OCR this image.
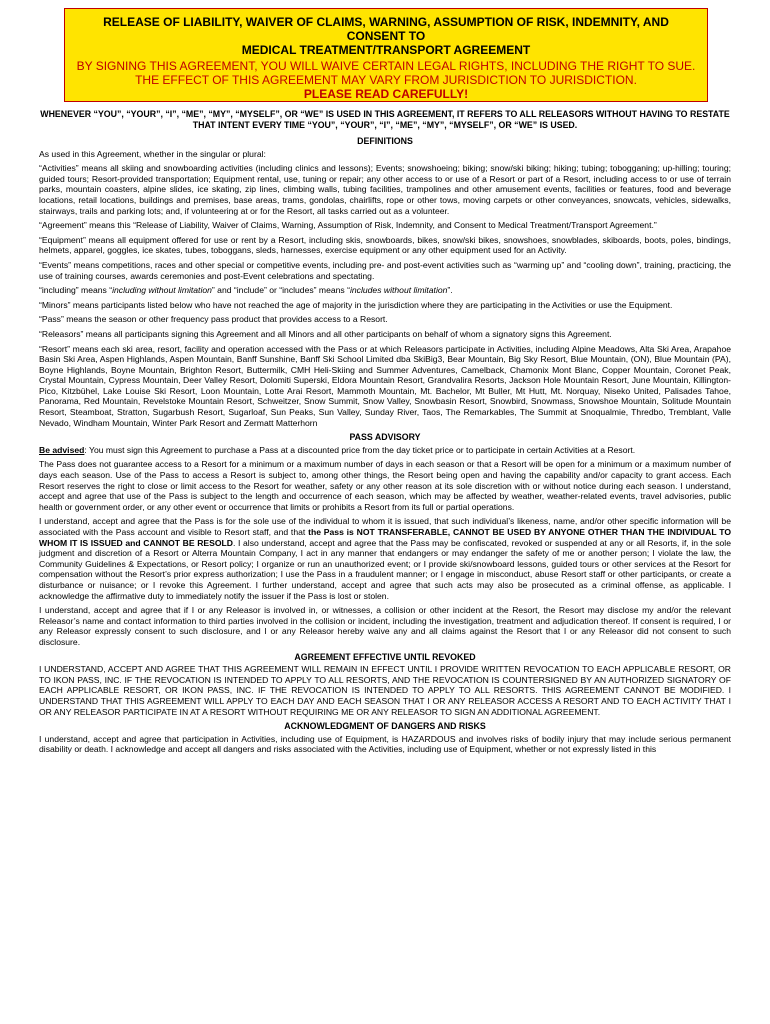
RELEASE OF LIABILITY, WAIVER OF CLAIMS, WARNING, ASSUMPTION OF RISK, INDEMNITY, AND CONSENT TO
MEDICAL TREATMENT/TRANSPORT AGREEMENT
BY SIGNING THIS AGREEMENT, YOU WILL WAIVE CERTAIN LEGAL RIGHTS, INCLUDING THE RIGHT TO SUE.
THE EFFECT OF THIS AGREEMENT MAY VARY FROM JURISDICTION TO JURISDICTION.
PLEASE READ CAREFULLY!
WHENEVER “YOU”, “YOUR”, “I”, “ME”, “MY”, “MYSELF”, OR “WE” IS USED IN THIS AGREEMENT, IT REFERS TO ALL RELEASORS WITHOUT HAVING TO RESTATE THAT INTENT EVERY TIME “YOU”, “YOUR”, “I”, “ME”, “MY”, “MYSELF”, OR “WE” IS USED.
DEFINITIONS

As used in this Agreement, whether in the singular or plural:

“Activities” means all skiing and snowboarding activities (including clinics and lessons); Events; snowshoeing; biking; snow/ski biking; hiking; tubing; tobogganing; up-hilling; touring; guided tours; Resort-provided transportation; Equipment rental, use, tuning or repair; any other access to or use of a Resort or part of a Resort, including access to or use of terrain parks, mountain coasters, alpine slides, ice skating, zip lines, climbing walls, tubing facilities, trampolines and other amusement events, facilities or features, food and beverage locations, retail locations, buildings and premises, base areas, trams, gondolas, chairlifts, rope or other tows, moving carpets or other conveyances, snowcats, vehicles, sidewalks, stairways, trails and parking lots; and, if volunteering at or for the Resort, all tasks carried out as a volunteer.

“Agreement” means this “Release of Liability, Waiver of Claims, Warning, Assumption of Risk, Indemnity, and Consent to Medical Treatment/Transport Agreement.”

“Equipment” means all equipment offered for use or rent by a Resort, including skis, snowboards, bikes, snow/ski bikes, snowshoes, snowblades, skiboards, boots, poles, bindings, helmets, apparel, goggles, ice skates, tubes, toboggans, sleds, harnesses, exercise equipment or any other equipment used for an Activity.

“Events” means competitions, races and other special or competitive events, including pre- and post-event activities such as “warming up” and “cooling down”, training, practicing, the use of training courses, awards ceremonies and post-Event celebrations and spectating.

“including” means “including without limitation” and “include” or “includes” means “includes without limitation”.

“Minors” means participants listed below who have not reached the age of majority in the jurisdiction where they are participating in the Activities or use the Equipment.

“Pass” means the season or other frequency pass product that provides access to a Resort.

“Releasors” means all participants signing this Agreement and all Minors and all other participants on behalf of whom a signatory signs this Agreement.

“Resort” means each ski area, resort, facility and operation accessed with the Pass or at which Releasors participate in Activities, including Alpine Meadows, Alta Ski Area, Arapahoe Basin Ski Area, Aspen Highlands, Aspen Mountain, Banff Sunshine, Banff Ski School Limited dba SkiBig3, Bear Mountain, Big Sky Resort, Blue Mountain, (ON), Blue Mountain (PA), Boyne Highlands, Boyne Mountain, Brighton Resort, Buttermilk, CMH Heli-Skiing and Summer Adventures, Camelback, Chamonix Mont Blanc, Copper Mountain, Coronet Peak, Crystal Mountain, Cypress Mountain, Deer Valley Resort, Dolomiti Superski, Eldora Mountain Resort, Grandvalira Resorts, Jackson Hole Mountain Resort, June Mountain, Killington-Pico, Kitzbühel, Lake Louise Ski Resort, Loon Mountain, Lotte Arai Resort, Mammoth Mountain, Mt. Bachelor, Mt Buller, Mt Hutt, Mt. Norquay, Niseko United, Palisades Tahoe, Panorama, Red Mountain, Revelstoke Mountain Resort, Schweitzer, Snow Summit, Snow Valley, Snowbasin Resort, Snowbird, Snowmass, Snowshoe Mountain, Solitude Mountain Resort, Steamboat, Stratton, Sugarbush Resort, Sugarloaf, Sun Peaks, Sun Valley, Sunday River, Taos, The Remarkables, The Summit at Snoqualmie, Thredbo, Tremblant, Valle Nevado, Windham Mountain, Winter Park Resort and Zermatt Matterhorn

PASS ADVISORY

Be advised: You must sign this Agreement to purchase a Pass at a discounted price from the day ticket price or to participate in certain Activities at a Resort.

The Pass does not guarantee access to a Resort for a minimum or a maximum number of days in each season or that a Resort will be open for a minimum or a maximum number of days each season. Use of the Pass to access a Resort is subject to, among other things, the Resort being open and having the capability and/or capacity to grant access. Each Resort reserves the right to close or limit access to the Resort for weather, safety or any other reason at its sole discretion with or without notice during each season. I understand, accept and agree that use of the Pass is subject to the length and occurrence of each season, which may be affected by weather, weather-related events, travel advisories, public health or government order, or any other event or occurrence that limits or prohibits a Resort from its full or partial operations.

I understand, accept and agree that the Pass is for the sole use of the individual to whom it is issued, that such individual’s likeness, name, and/or other specific information will be associated with the Pass account and visible to Resort staff, and that the Pass is NOT TRANSFERABLE, CANNOT BE USED BY ANYONE OTHER THAN THE INDIVIDUAL TO WHOM IT IS ISSUED and CANNOT BE RESOLD. I also understand, accept and agree that the Pass may be confiscated, revoked or suspended at any or all Resorts, if, in the sole judgment and discretion of a Resort or Alterra Mountain Company, I act in any manner that endangers or may endanger the safety of me or another person; I violate the law, the Community Guidelines & Expectations, or Resort policy; I organize or run an unauthorized event; or I provide ski/snowboard lessons, guided tours or other services at the Resort for compensation without the Resort’s prior express authorization; I use the Pass in a fraudulent manner; or I engage in misconduct, abuse Resort staff or other participants, or create a disturbance or nuisance; or I revoke this Agreement. I further understand, accept and agree that such acts may also be prosecuted as a criminal offense, as applicable. I acknowledge the affirmative duty to immediately notify the issuer if the Pass is lost or stolen.

I understand, accept and agree that if I or any Releasor is involved in, or witnesses, a collision or other incident at the Resort, the Resort may disclose my and/or the relevant Releasor’s name and contact information to third parties involved in the collision or incident, including the investigation, treatment and adjudication thereof. If consent is required, I or any Releasor expressly consent to such disclosure, and I or any Releasor hereby waive any and all claims against the Resort that I or any Releasor did not consent to such disclosure.

AGREEMENT EFFECTIVE UNTIL REVOKED

I UNDERSTAND, ACCEPT AND AGREE THAT THIS AGREEMENT WILL REMAIN IN EFFECT UNTIL I PROVIDE WRITTEN REVOCATION TO EACH APPLICABLE RESORT, OR TO IKON PASS, INC. IF THE REVOCATION IS INTENDED TO APPLY TO ALL RESORTS, AND THE REVOCATION IS COUNTERSIGNED BY AN AUTHORIZED SIGNATORY OF EACH APPLICABLE RESORT, OR IKON PASS, INC. IF THE REVOCATION IS INTENDED TO APPLY TO ALL RESORTS. THIS AGREEMENT CANNOT BE MODIFIED. I UNDERSTAND THAT THIS AGREEMENT WILL APPLY TO EACH DAY AND EACH SEASON THAT I OR ANY RELEASOR ACCESS A RESORT AND TO EACH ACTIVITY THAT I OR ANY RELEASOR PARTICIPATE IN AT A RESORT WITHOUT REQUIRING ME OR ANY RELEASOR TO SIGN AN ADDITIONAL AGREEMENT.

ACKNOWLEDGMENT OF DANGERS AND RISKS

I understand, accept and agree that participation in Activities, including use of Equipment, is HAZARDOUS and involves risks of bodily injury that may include serious permanent disability or death. I acknowledge and accept all dangers and risks associated with the Activities, including use of Equipment, whether or not expressly listed in this
